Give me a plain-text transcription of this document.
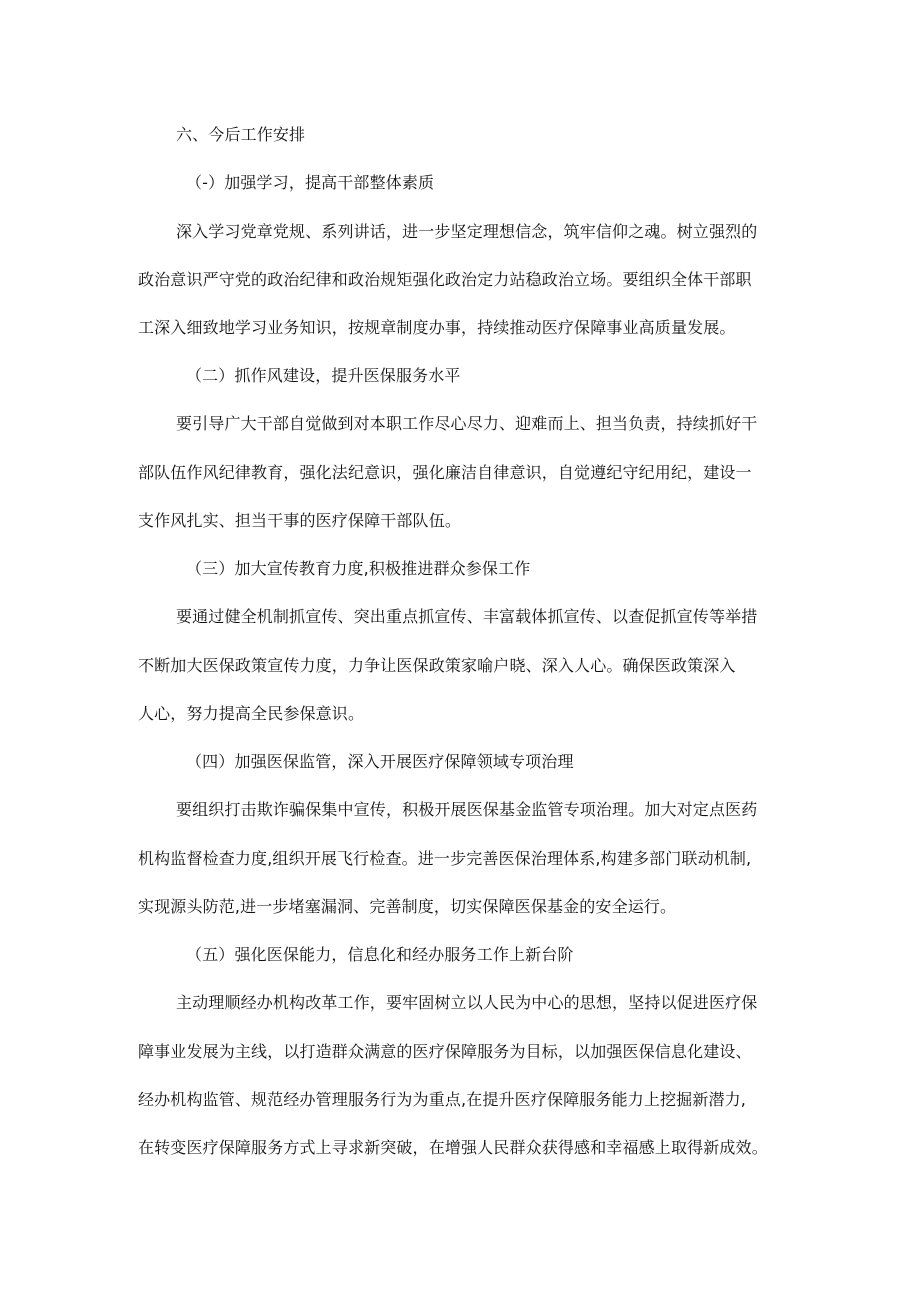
六、今后工作安排
（-）加强学习，提高干部整体素质
深入学习党章党规、系列讲话，进一步坚定理想信念，筑牢信仰之魂。树立强烈的
政治意识严守党的政治纪律和政治规矩强化政治定力站稳政治立场。要组织全体干部职
工深入细致地学习业务知识，按规章制度办事，持续推动医疗保障事业高质量发展。
（二）抓作风建设，提升医保服务水平
要引导广大干部自觉做到对本职工作尽心尽力、迎难而上、担当负责，持续抓好干
部队伍作风纪律教育，强化法纪意识，强化廉洁自律意识，自觉遵纪守纪用纪，建设一
支作风扎实、担当干事的医疗保障干部队伍。
（三）加大宣传教育力度,积极推进群众参保工作
要通过健全机制抓宣传、突出重点抓宣传、丰富载体抓宣传、以查促抓宣传等举措
不断加大医保政策宣传力度，力争让医保政策家喻户晓、深入人心。确保医政策深入
人心，努力提高全民参保意识。
（四）加强医保监管，深入开展医疗保障领域专项治理
要组织打击欺诈骗保集中宣传，积极开展医保基金监管专项治理。加大对定点医药
机构监督检查力度,组织开展飞行检查。进一步完善医保治理体系,构建多部门联动机制,
实现源头防范,进一步堵塞漏洞、完善制度，切实保障医保基金的安全运行。
（五）强化医保能力，信息化和经办服务工作上新台阶
主动理顺经办机构改革工作，要牢固树立以人民为中心的思想，坚持以促进医疗保
障事业发展为主线，以打造群众满意的医疗保障服务为目标，以加强医保信息化建设、
经办机构监管、规范经办管理服务行为为重点,在提升医疗保障服务能力上挖掘新潜力,
在转变医疗保障服务方式上寻求新突破，在增强人民群众获得感和幸福感上取得新成效。
